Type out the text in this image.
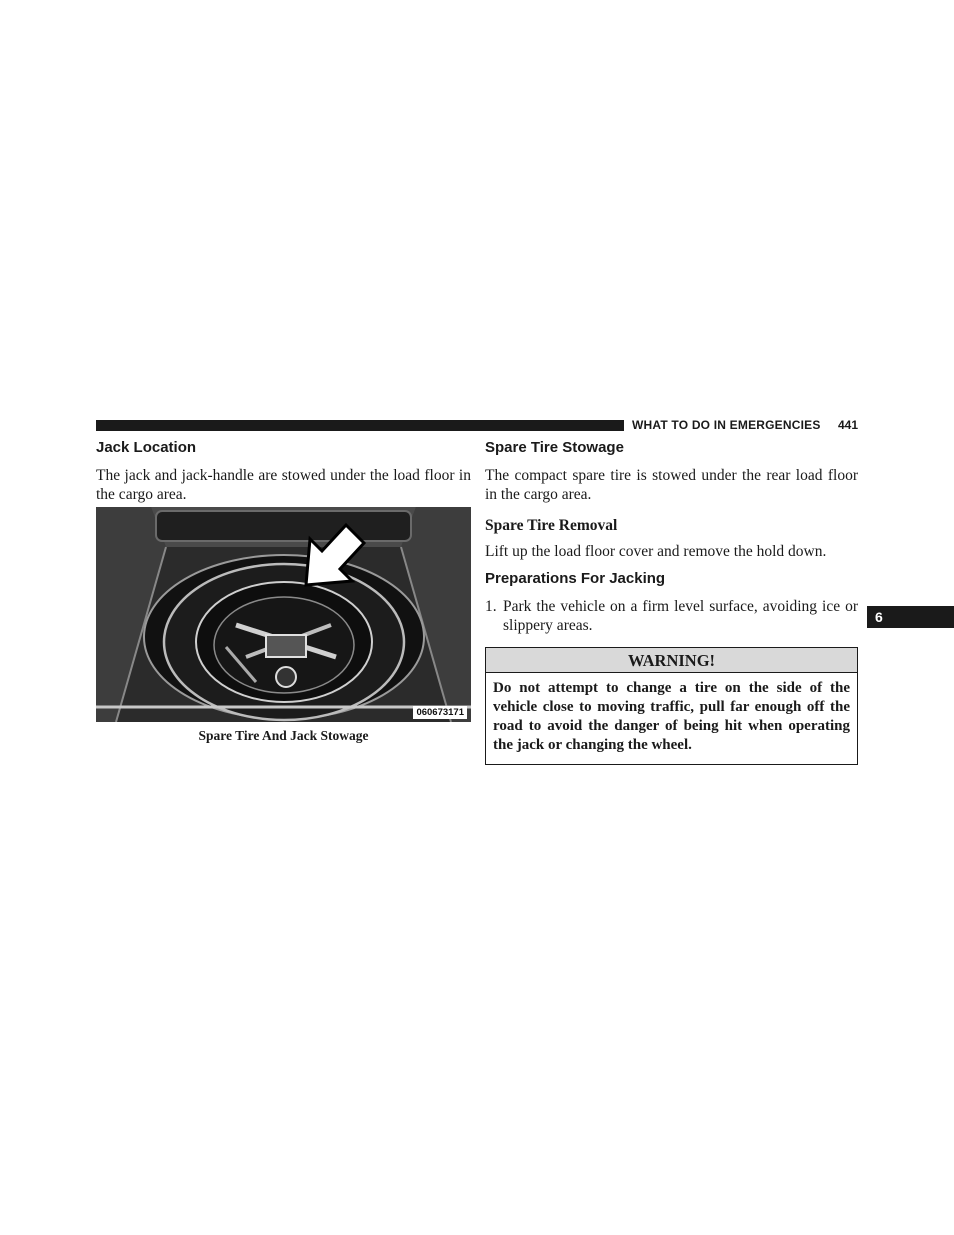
WHAT TO DO IN EMERGENCIES 441
6
Jack Location

The jack and jack-handle are stowed under the load floor in the cargo area.

060673171
Spare Tire And Jack Stowage
Spare Tire Stowage

The compact spare tire is stowed under the rear load floor in the cargo area.

Spare Tire Removal

Lift up the load floor cover and remove the hold down.

Preparations For Jacking
1. Park the vehicle on a firm level surface, avoiding ice or slippery areas.
WARNING!
Do not attempt to change a tire on the side of the vehicle close to moving traffic, pull far enough off the road to avoid the danger of being hit when operating the jack or changing the wheel.
